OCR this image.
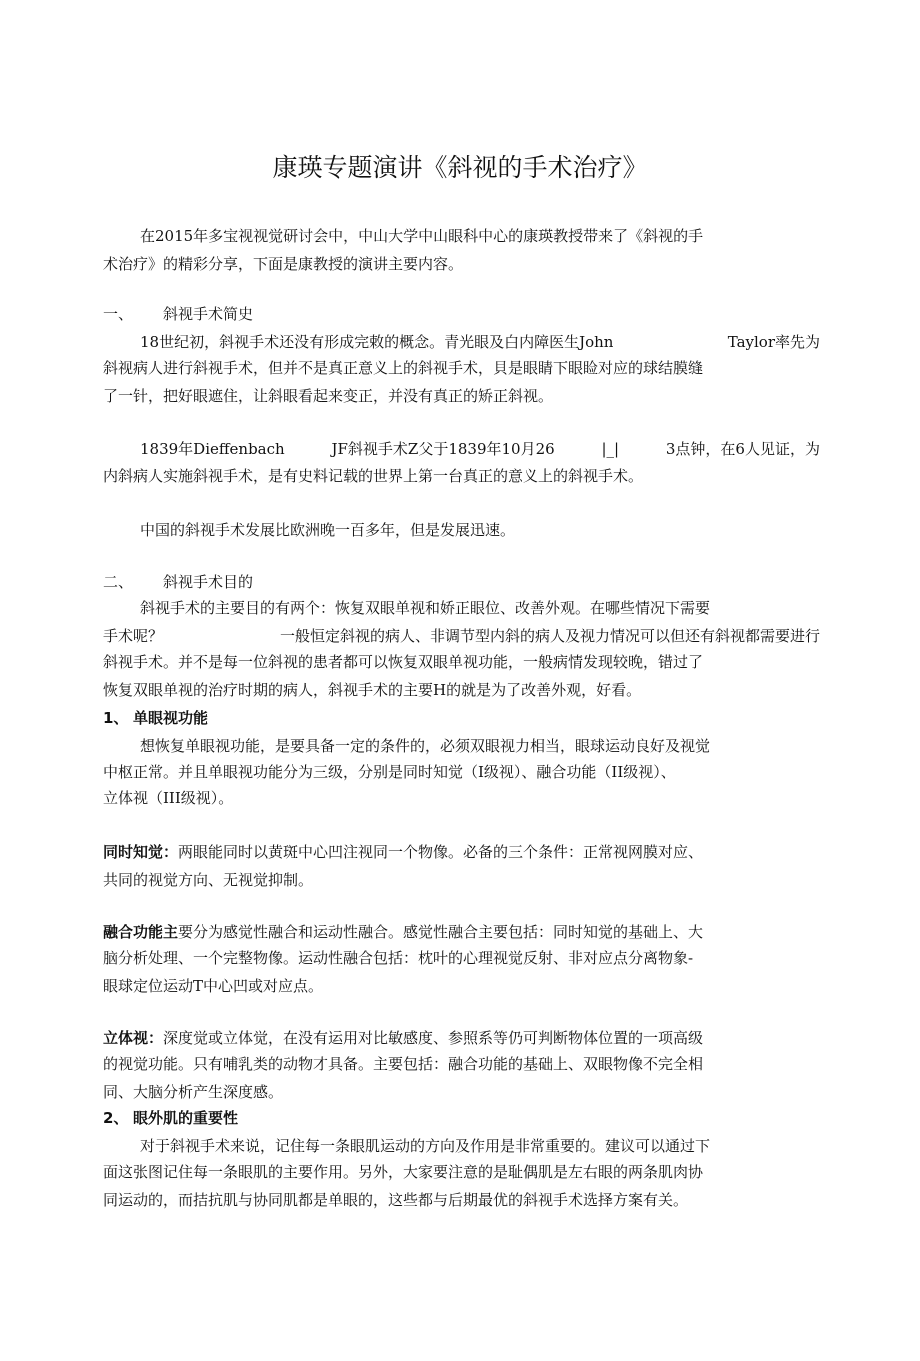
康瑛专题演讲《斜视的手术治疗》
在2015年多宝视视觉研讨会中，中山大学中山眼科中心的康瑛教授带来了《斜视的手
术治疗》的精彩分享，下面是康教授的演讲主要内容。
一、 斜视手术简史
18世纪初，斜视手术还没有形成完敕的概念。青光眼及白内障医生John	Taylor率先为
斜视病人进行斜视手术，但并不是真正意义上的斜视手术，貝是眼睛下眼睑对应的球结膜缝
了一针，把好眼遮住，让斜眼看起来变正，并没有真正的矫正斜视。
1839年Dieffenbach	JF斜视手术Z父于1839年10月26	|_|	3点钟，在6人见证，为
内斜病人实施斜视手术，是有史料记载的世界上第一台真正的意义上的斜视手术。
中国的斜视手术发展比欧洲晚一百多年，但是发展迅速。
二、 斜视手术目的
斜视手术的主要目的有两个：恢复双眼单视和娇正眼位、改善外观。在哪些情况下需要
手术呢？	一般恒定斜视的病人、非调节型内斜的病人及视力情况可以但还有斜视都需要进行
斜视手术。并不是每一位斜视的患者都可以恢复双眼单视功能，一般病情发现较晚，错过了
恢复双眼单视的治疗时期的病人，斜视手术的主要H的就是为了改善外观，好看。
1、 单眼视功能
想恢复单眼视功能，是要具备一定的条件的，必须双眼视力相当，眼球运动良好及视觉
中枢正常。并且单眼视功能分为三级，分别是同时知觉（I级视）、融合功能（II级视）、
立体视（III级视）。
同时知觉：两眼能同时以黄斑中心凹注视同一个物像。必备的三个条件：正常视网膜对应、
共同的视觉方向、无视觉抑制。
融合功能主要分为感觉性融合和运动性融合。感觉性融合主要包括：同时知觉的基础上、大
脑分析处理、一个完整物像。运动性融合包括：枕叶的心理视觉反射、非对应点分离物象-
眼球定位运动T中心凹或对应点。
立体视：深度觉或立体觉，在没有运用对比敏感度、参照系等仍可判断物体位置的一项高级
的视觉功能。只有哺乳类的动物才具备。主要包括：融合功能的基础上、双眼物像不完全相
同、大脑分析产生深度感。
2、 眼外肌的重要性
对于斜视手术来说，记住每一条眼肌运动的方向及作用是非常重要的。建议可以通过下
面这张图记住每一条眼肌的主要作用。另外，大家要注意的是耻偶肌是左右眼的两条肌肉协
同运动的，而拮抗肌与协同肌都是单眼的，这些都与后期最优的斜视手术选择方案有关。
